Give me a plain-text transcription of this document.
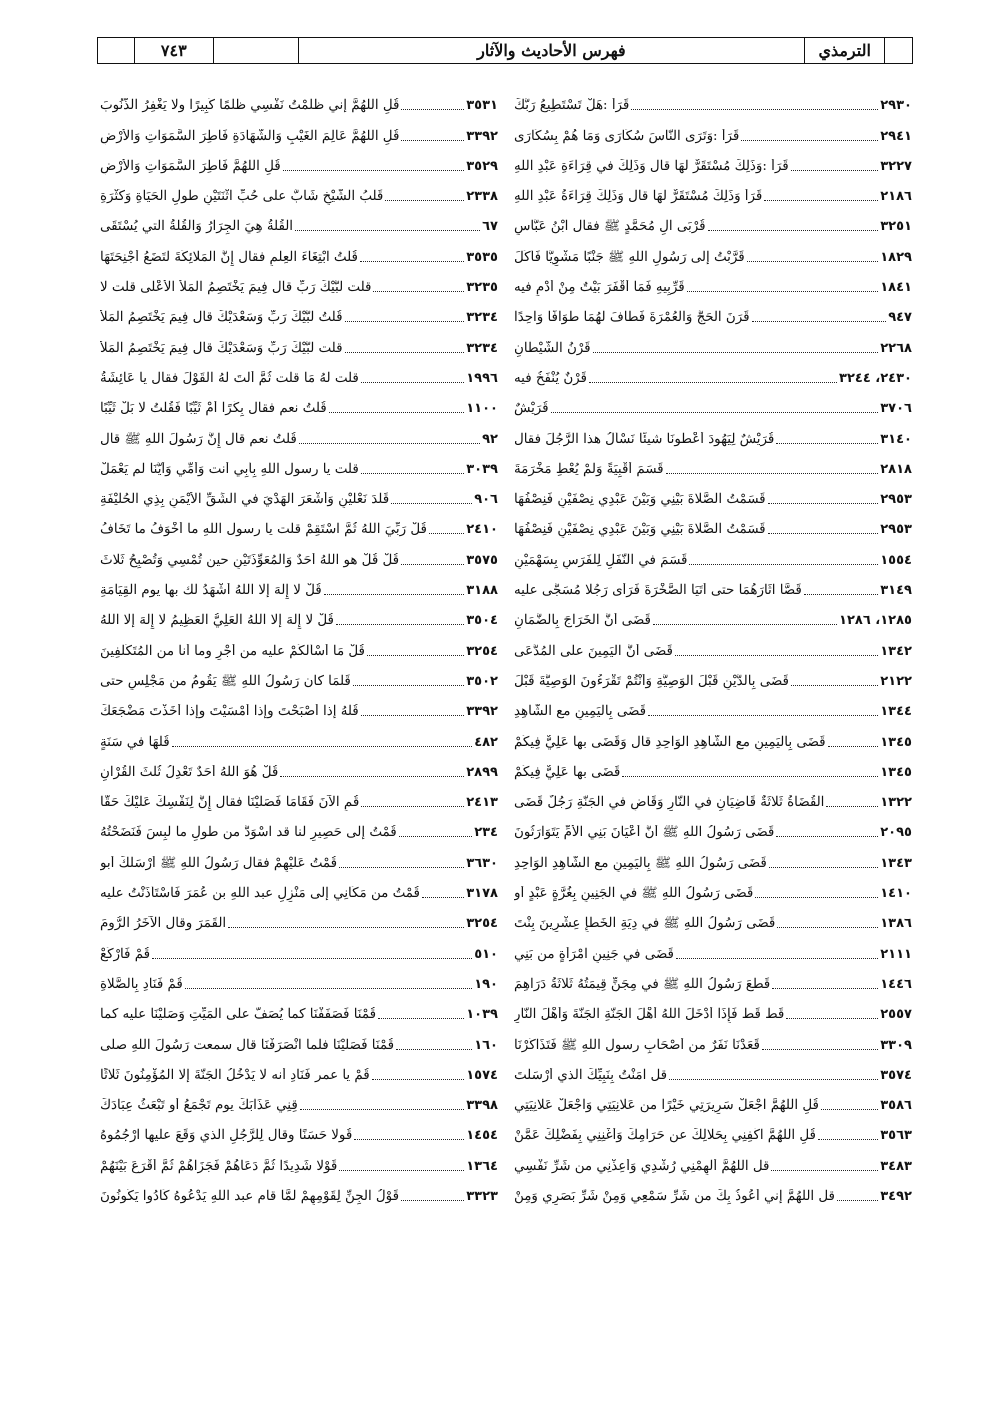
٧٤٣	فهرس الأحاديث والآثار	الترمذي
قَرَأَ :هَلْ تَسْتَطِيعُ رَبُّكَ	٢٩٣٠
قَرَأَ :وَتَرَى النَّاسَ سُكَارَى وَمَا هُمْ بِسُكَارَى	٢٩٤١
قَرَأَ :وَذَلِكَ مُسْتَقَرٌّ لَهَا قال وَذَلِكَ في قِرَاءَةِ عَبْدِ اللَّهِ	٣٢٢٧
قَرَأَ وَذَلِكَ مُسْتَقَرٌّ لَهَا قال وَذَلِكَ قِرَاءَةُ عَبْدِ اللَّهِ	٢١٨٦
قُرْبَى آلِ مُحَمَّدٍ ﷺ فقال ابْنُ عَبَّاسٍ	٣٢٥١
قَرَّبْتُ إلى رَسُولِ اللَّهِ ﷺ جَنْبًا مَشْوِيًّا فَأَكَلَ	١٨٢٩
قَرِّبِيهِ فَمَا أَقْفَرَ بَيْتٌ مِنْ أُدْمٍ فيه	١٨٤١
قَرَنَ الْحَجَّ وَالْعُمْرَةَ فَطَافَ لَهُمَا طَوَافًا وَاحِدًا	٩٤٧
قَرْنُ الشَّيْطَانِ	٢٢٦٨
قَرْنٌ يُنْفَخُ فيه	٢٤٣٠، ٣٢٤٤
قُرَيْشٌ	٣٧٠٦
قُرَيْشٌ لِيَهُودَ أَعْطُونَا شيئًا نَسْأَلُ هذا الرَّجُلَ فقال	٣١٤٠
قَسَمَ أَقْبِيَةً وَلَمْ يُعْطِ مَخْرَمَةَ	٢٨١٨
قَسَمْتُ الصَّلَاةَ بَيْنِي وَبَيْنَ عَبْدِي نِصْفَيْنِ فَنِصْفُهَا	٢٩٥٣
قَسَمْتُ الصَّلَاةَ بَيْنِي وَبَيْنَ عَبْدِي نِصْفَيْنِ فَنِصْفُهَا	٢٩٥٣
قَسَمَ في النَّفَلِ لِلْفَرَسِ بِسَهْمَيْنِ	١٥٥٤
قَصَّا آثَارَهُمَا حتى أَتَيَا الصَّخْرَةَ فَرَأَى رَجُلًا مُسَجًّى عليه	٣١٤٩
قَضَى أَنَّ الْخَرَاجَ بِالضَّمَانِ	١٢٨٥، ١٢٨٦
قَضَى أَنَّ الْيَمِينَ على الْمُدَّعَى	١٣٤٢
قَضَى بِالدَّيْنِ قَبْلَ الْوَصِيَّةِ وَأَنْتُمْ تَقْرَءُونَ الْوَصِيَّةَ قَبْلَ	٢١٢٢
قَضَى بِالْيَمِينِ مع الشَّاهِدِ	١٣٤٤
قَضَى بِالْيَمِينِ مع الشَّاهِدِ الْوَاحِدِ قال وَقَضَى بها عَلِيٌّ فِيكُمْ	١٣٤٥
قَضَى بها عَلِيٌّ فِيكُمْ	١٣٤٥
الْقُضَاةُ ثَلَاثَةٌ قَاضِيَانِ في النَّارِ وَقَاضٍ في الْجَنَّةِ رَجُلٌ قَضَى	١٣٢٢
قَضَى رَسُولُ اللَّهِ ﷺ أَنَّ أَعْيَانَ بَنِي الْأُمِّ يَتَوَارَثُونَ	٢٠٩٥
قَضَى رَسُولُ اللَّهِ ﷺ بِالْيَمِينِ مع الشَّاهِدِ الْوَاحِدِ	١٣٤٣
قَضَى رَسُولُ اللَّهِ ﷺ في الْجَنِينِ بِغُرَّةٍ عَبْدٍ أو	١٤١٠
قَضَى رَسُولُ اللَّهِ ﷺ في دِيَةِ الْخَطَإِ عِشْرِينَ بِنْتَ	١٣٨٦
قَضَى في جَنِينِ امْرَأَةٍ من بَنِي	٢١١١
قَطَعَ رَسُولُ اللَّهِ ﷺ في مِجَنٍّ قِيمَتُهُ ثَلَاثَةُ دَرَاهِمَ	١٤٤٦
قَطْ قَطْ فَإِذَا أَدْخَلَ اللَّهُ أَهْلَ الْجَنَّةِ الْجَنَّةَ وَأَهْلَ النَّارِ	٢٥٥٧
قَعَدْنَا نَفَرٌ من أَصْحَابِ رسول اللَّهِ ﷺ فَتَذَاكَرْنَا	٣٣٠٩
قل آمَنْتُ بِنَبِيِّكَ الذي أَرْسَلْتَ	٣٥٧٤
قُلِ اللَّهُمَّ اجْعَلْ سَرِيرَتِي خَيْرًا من عَلَانِيَتِي وَاجْعَلْ عَلَانِيَتِي	٣٥٨٦
قُلِ اللَّهُمَّ اكْفِنِي بِحَلَالِكَ عن حَرَامِكَ وَأَغْنِنِي بِفَضْلِكَ عَمَّنْ	٣٥٦٣
قل اللَّهُمَّ أَلْهِمْنِي رُشْدِي وَأَعِذْنِي من شَرِّ نَفْسِي	٣٤٨٣
قل اللَّهُمَّ إني أَعُوذُ بِكَ من شَرِّ سَمْعِي وَمِنْ شَرِّ بَصَرِي وَمِنْ	٣٤٩٢
قُلِ اللَّهُمَّ إني ظَلَمْتُ نَفْسِي ظُلْمًا كَبِيرًا ولا يَغْفِرُ الذُّنُوبَ	٣٥٣١
قُلِ اللَّهُمَّ عَالِمَ الْغَيْبِ وَالشَّهَادَةِ فَاطِرَ السَّمَوَاتِ وَالْأَرْضِ	٣٣٩٢
قُلِ اللَّهُمَّ فَاطِرَ السَّمَوَاتِ وَالْأَرْضِ	٣٥٢٩
قَلْبُ الشَّيْخِ شَابٌّ على حُبِّ اثْنَتَيْنِ طُولِ الْحَيَاةِ وَكَثْرَةِ	٢٣٣٨
الْقُلَّةُ هِيَ الْجِرَارُ وَالْقُلَّةُ التي يُسْتَقَى	٦٧
قُلْتُ ابْتِغَاءَ الْعِلْمِ فقال إِنَّ الْمَلَائِكَةَ لَتَضَعُ أَجْنِحَتَهَا	٣٥٣٥
قلت لَبَّيْكَ رَبِّ قال فِيمَ يَخْتَصِمُ الْمَلَأُ الْأَعْلَى قلت لا	٣٢٣٥
قُلْتُ لَبَّيْكَ رَبِّ وَسَعْدَيْكَ قال فِيمَ يَخْتَصِمُ الْمَلَأُ	٣٢٣٤
قلت لَبَّيْكَ رَبِّ وَسَعْدَيْكَ قال فِيمَ يَخْتَصِمُ الْمَلَأُ	٣٢٣٤
قلت لَهُ مَا قلت ثُمَّ أَلْتَ لَهُ الْقَوْلَ فقال يا عَائِشَةُ	١٩٩٦
قُلْتُ نعم فقال بِكْرًا أَمْ ثَيِّبًا فَقُلْتُ لَا بَلْ ثَيِّبًا	١١٠٠
قُلْتُ نعم قال إِنَّ رَسُولَ اللَّهِ ﷺ قال	٩٢
قلت يا رسول اللَّهِ بِأَبِي أنت وَأُمِّي وَأَيُّنَا لم يَعْمَلْ	٣٠٣٩
قَلَّدَ نَعْلَيْنِ وَأَشْعَرَ الْهَدْيَ في الشِّقِّ الْأَيْمَنِ بِذِي الْحُلَيْفَةِ	٩٠٦
قُلْ رَبِّيَ اللَّهُ ثُمَّ اسْتَقِمْ قلت يا رسول اللَّهِ ما أَخْوَفُ ما تَخَافُ	٢٤١٠
قُلْ قُلْ هو اللَّهُ أَحَدٌ وَالْمُعَوِّذَتَيْنِ حين تُمْسِي وَتُصْبِحُ ثَلَاثَ	٣٥٧٥
قُلْ لَا إِلَهَ إلا اللَّهُ أَشْهَدُ لك بها يوم الْقِيَامَةِ	٣١٨٨
قُلْ لَا إِلَهَ إلا اللَّهُ الْعَلِيُّ الْعَظِيمُ لَا إِلَهَ إلا اللَّهُ	٣٥٠٤
قُلْ مَا أَسْأَلُكُمْ عليه من أَجْرٍ وما أنا من الْمُتَكَلِّفِينَ	٣٢٥٤
قَلَّمَا كان رَسُولُ اللَّهِ ﷺ يَقُومُ من مَجْلِسٍ حتى	٣٥٠٢
قُلْهُ إذا أَصْبَحْتَ وإذا أَمْسَيْتَ وإذا أَخَذْتَ مَضْجَعَكَ	٣٣٩٢
قُلْهَا في سَنَةٍ	٤٨٢
قُلْ هُوَ اللَّهُ أَحَدٌ تَعْدِلُ ثُلُثَ الْقُرْآنِ	٢٨٩٩
قُمِ الْآنَ فَقَامَا فَصَلَّيْنَا فقال إِنَّ لِنَفْسِكَ عَلَيْكَ حَقًّا	٢٤١٣
قُمْتُ إلى حَصِيرٍ لنا قد اسْوَدَّ من طُولِ ما لُبِسَ فَنَضَحْتُهُ	٢٣٤
قُمْتُ عَلَيْهِمْ فقال رَسُولُ اللَّهِ ﷺ أَرْسَلَكَ أبو	٣٦٣٠
قُمْتُ من مَكَانِي إلى مَنْزِلِ عبد اللَّهِ بن عُمَرَ فَاسْتَأْذَنْتُ عليه	٣١٧٨
الْقَمَرَ وقال الْآخَرُ الرُّومَ	٣٢٥٤
قُمْ فَارْكَعْ	٥١٠
قُمْ فَنَادِ بِالصَّلَاةِ	١٩٠
قُمْنَا فَصَفَفْنَا كما يُصَفُّ على الْمَيِّتِ وَصَلَّيْنَا عليه كما	١٠٣٩
قُمْنَا فَصَلَّيْنَا فلما انْصَرَفْنَا قال سمعت رَسُولَ اللَّهِ صلى	١٦٠
قُمْ يا عمر فَنَادِ أنه لا يَدْخُلُ الْجَنَّةَ إلا الْمُؤْمِنُونَ ثَلَاثًا	١٥٧٤
قِنِي عَذَابَكَ يوم تَجْمَعُ أو تَبْعَثُ عِبَادَكَ	٣٣٩٨
قُولَا حَسَنًا وقال لِلرَّجُلِ الذي وَقَعَ عليها ارْجُمُوهُ	١٤٥٤
قَوْلًا شَدِيدًا ثُمَّ دَعَاهُمْ فَجَزَاهُمْ ثُمَّ أَقْرَعَ بَيْنَهُمْ	١٣٦٤
قَوْلُ الْجِنِّ لِقَوْمِهِمْ لَمَّا قام عبد اللَّهِ يَدْعُوهُ كَادُوا يَكُونُونَ	٣٣٢٣
